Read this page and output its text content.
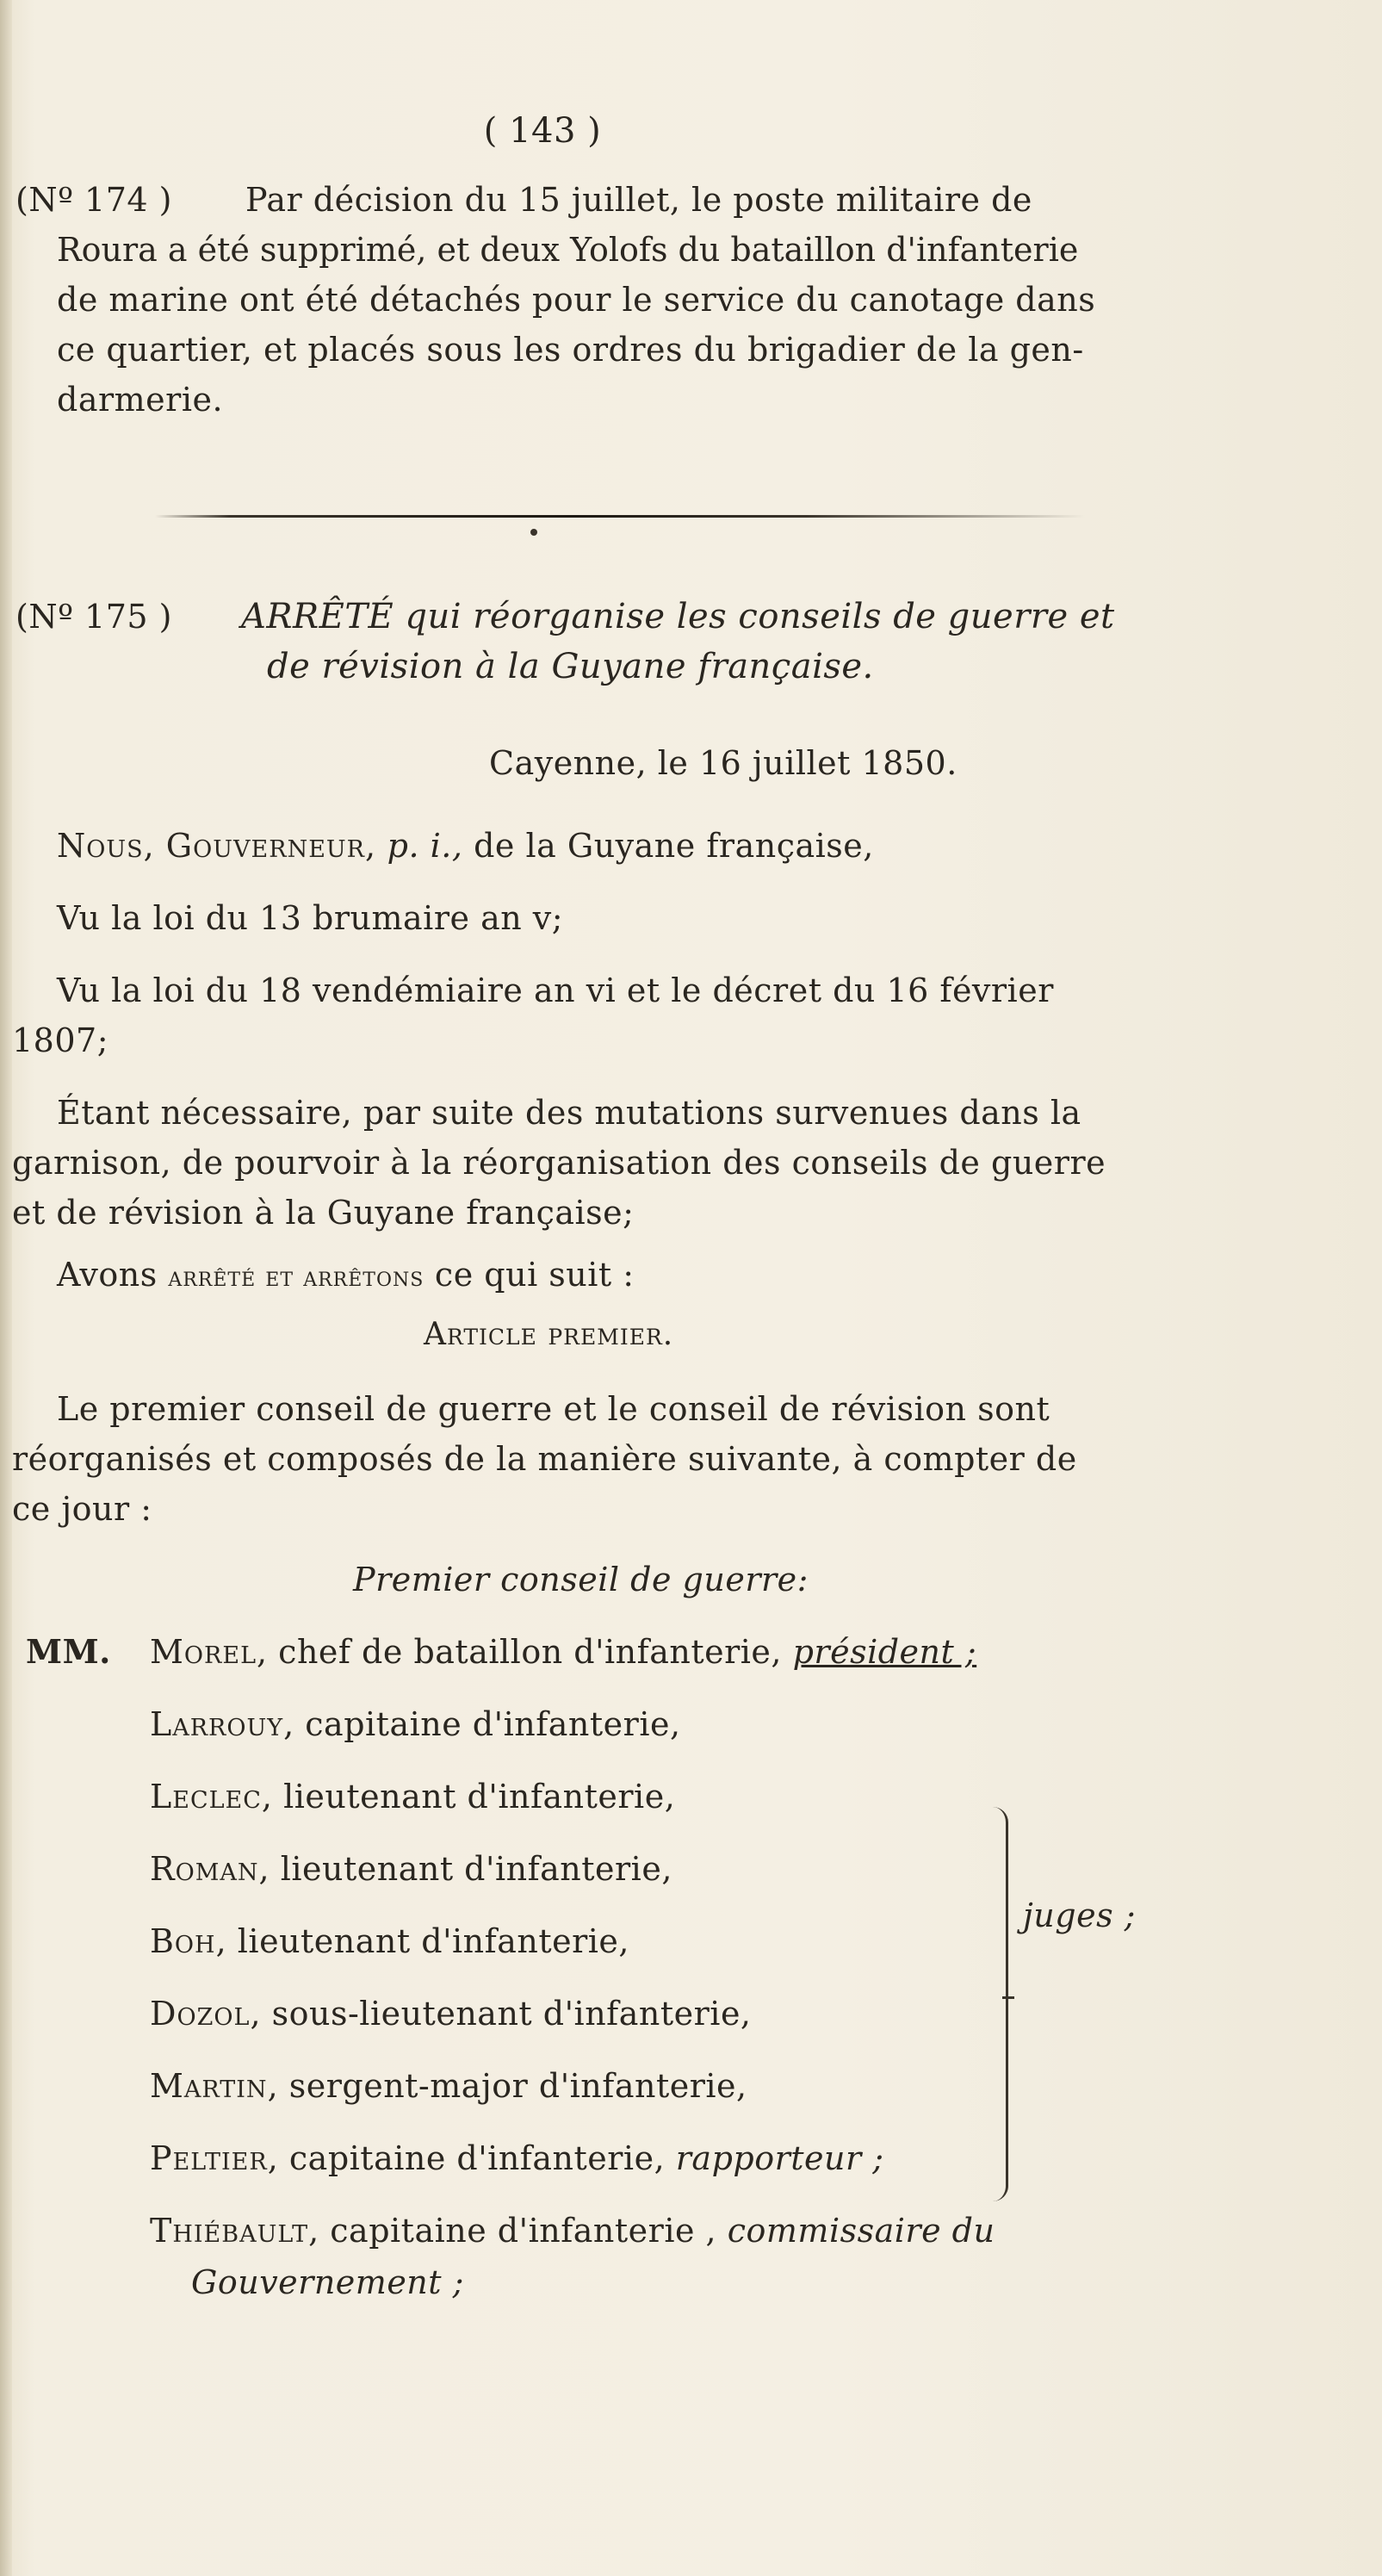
( 143 )
(Nº 174 ) Par décision du 15 juillet, le poste militaire de
Roura a été supprimé, et deux Yolofs du bataillon d'infanterie
de marine ont été détachés pour le service du canotage dans
ce quartier, et placés sous les ordres du brigadier de la gen-
darmerie.
(Nº 175 ) ARRÊTÉ qui réorganise les conseils de guerre et
de révision à la Guyane française.
Cayenne, le 16 juillet 1850.
Nous, Gouverneur, p. i., de la Guyane française,
Vu la loi du 13 brumaire an v;
Vu la loi du 18 vendémiaire an vi et le décret du 16 février
1807;
Étant nécessaire, par suite des mutations survenues dans la
garnison, de pourvoir à la réorganisation des conseils de guerre
et de révision à la Guyane française;
Avons arrêté et arrêtons ce qui suit :
Article premier.
Le premier conseil de guerre et le conseil de révision sont
réorganisés et composés de la manière suivante, à compter de
ce jour :
Premier conseil de guerre:
MM. Morel, chef de bataillon d'infanterie, président ;
Larrouy, capitaine d'infanterie,
Leclec, lieutenant d'infanterie,
Roman, lieutenant d'infanterie,
Boh, lieutenant d'infanterie,
Dozol, sous-lieutenant d'infanterie,
Martin, sergent-major d'infanterie,
juges ;
Peltier, capitaine d'infanterie, rapporteur ;
Thiébault, capitaine d'infanterie , commissaire du
Gouvernement ;
